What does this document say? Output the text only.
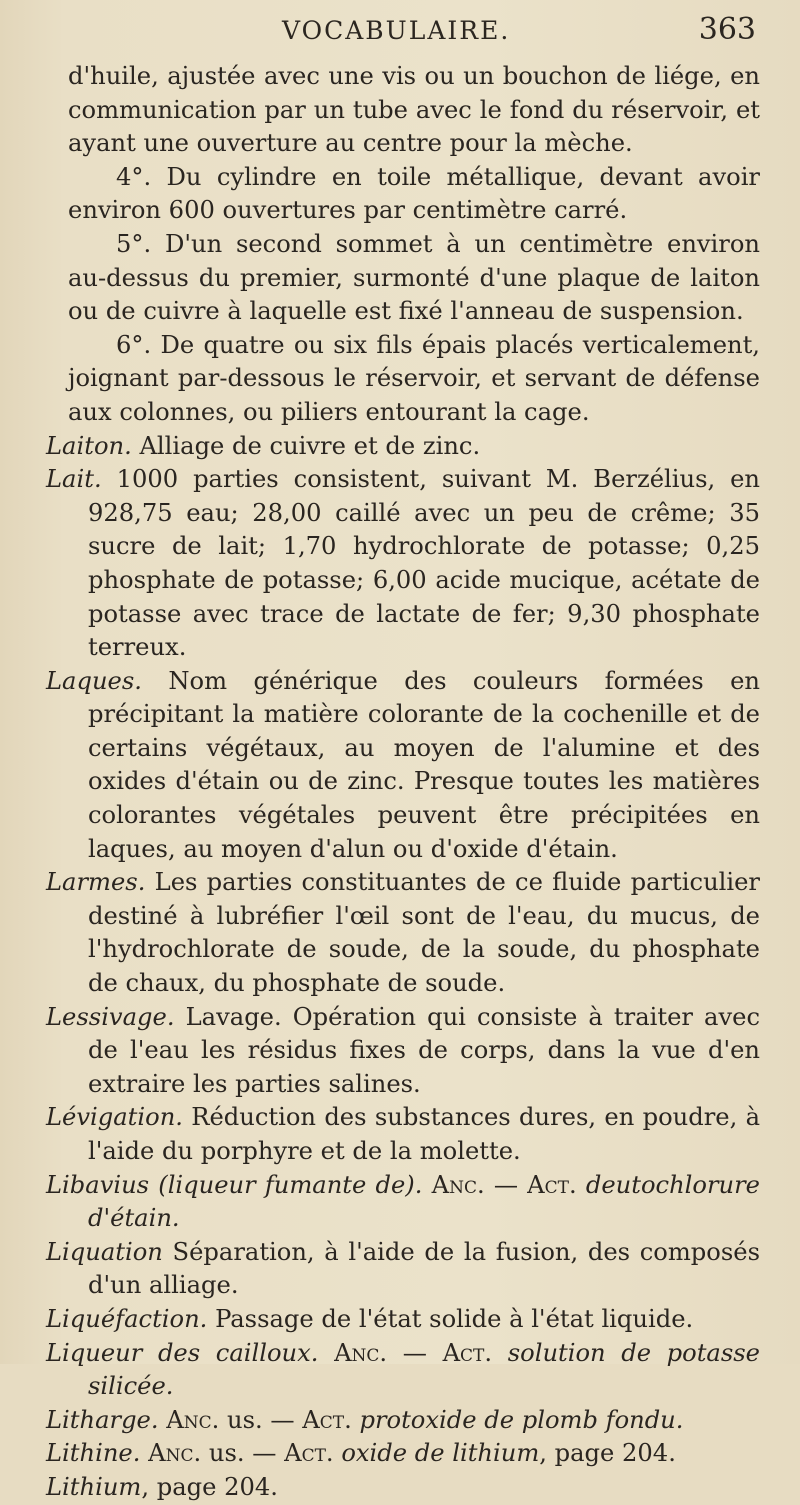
VOCABULAIRE.	363

d'huile, ajustée avec une vis ou un bouchon de liége, en communication par un tube avec le fond du réservoir, et ayant une ouverture au centre pour la mèche.

4°. Du cylindre en toile métallique, devant avoir environ 600 ouvertures par centimètre carré.

5°. D'un second sommet à un centimètre environ au-dessus du premier, surmonté d'une plaque de laiton ou de cuivre à laquelle est fixé l'anneau de suspension.

6°. De quatre ou six fils épais placés verticalement, joignant par-dessous le réservoir, et servant de défense aux colonnes, ou piliers entourant la cage.

Laiton. Alliage de cuivre et de zinc.

Lait. 1000 parties consistent, suivant M. Berzélius, en 928,75 eau; 28,00 caillé avec un peu de crême; 35 sucre de lait; 1,70 hydrochlorate de potasse; 0,25 phosphate de potasse; 6,00 acide mucique, acétate de potasse avec trace de lactate de fer; 9,30 phosphate terreux.

Laques. Nom générique des couleurs formées en précipitant la matière colorante de la cochenille et de certains végétaux, au moyen de l'alumine et des oxides d'étain ou de zinc. Presque toutes les matières colorantes végétales peuvent être précipitées en laques, au moyen d'alun ou d'oxide d'étain.

Larmes. Les parties constituantes de ce fluide particulier destiné à lubréfier l'œil sont de l'eau, du mucus, de l'hydrochlorate de soude, de la soude, du phosphate de chaux, du phosphate de soude.

Lessivage. Lavage. Opération qui consiste à traiter avec de l'eau les résidus fixes de corps, dans la vue d'en extraire les parties salines.

Lévigation. Réduction des substances dures, en poudre, à l'aide du porphyre et de la molette.

Libavius (liqueur fumante de). Anc. — Act. deutochlorure d'étain.

Liquation Séparation, à l'aide de la fusion, des composés d'un alliage.

Liquéfaction. Passage de l'état solide à l'état liquide.

Liqueur des cailloux. Anc. — Act. solution de potasse silicée.

Litharge. Anc. us. — Act. protoxide de plomb fondu.

Lithine. Anc. us. — Act. oxide de lithium, page 204.

Lithium, page 204.
